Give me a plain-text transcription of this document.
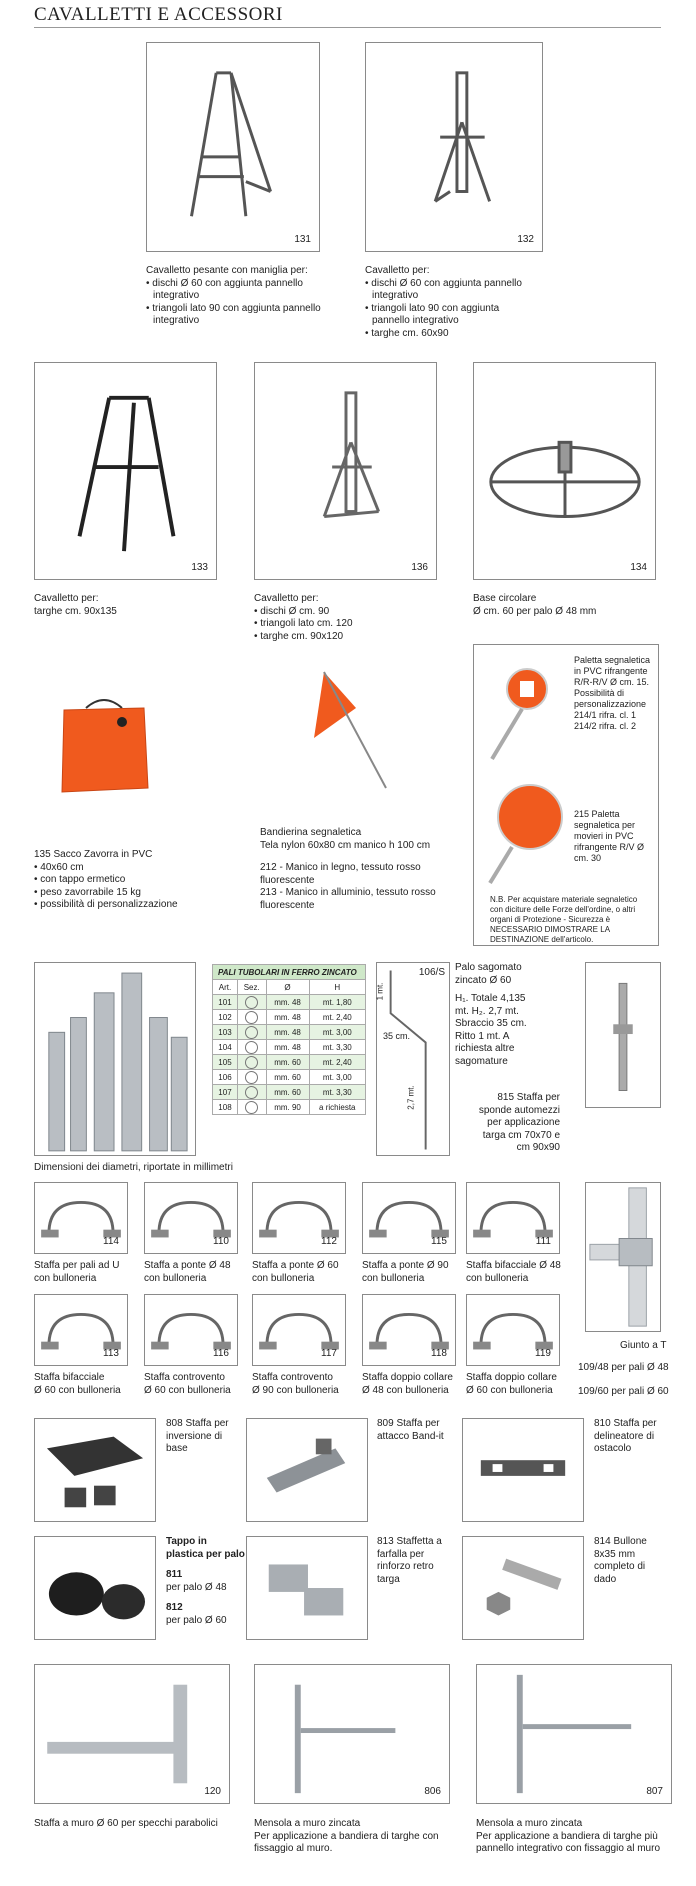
CAVALLETTI E ACCESSORI
131
Cavalletto pesante con maniglia per:
• dischi Ø 60 con aggiunta pannello integrativo
• triangoli lato 90 con aggiunta pannello integrativo
132
Cavalletto per:
• dischi Ø 60 con aggiunta pannello integrativo
• triangoli lato 90 con aggiunta pannello integrativo
• targhe cm. 60x90
133
Cavalletto per:
targhe cm. 90x135
136
Cavalletto per:
• dischi Ø cm. 90
• triangoli lato cm. 120
• targhe cm. 90x120
134
Base circolare
Ø cm. 60 per palo Ø 48 mm
135 Sacco Zavorra in PVC
• 40x60 cm
• con tappo ermetico
• peso zavorrabile 15 kg
• possibilità di personalizzazione
Bandierina segnaletica
Tela nylon 60x80 cm manico h 100 cm
212 - Manico in legno, tessuto rosso fluorescente
213 - Manico in alluminio, tessuto rosso fluorescente
Paletta segnaletica in PVC rifrangente R/R-R/V Ø cm. 15. Possibilità di personalizzazione 214/1 rifra. cl. 1 214/2 rifra. cl. 2
215 Paletta segnaletica per movieri in PVC rifrangente R/V Ø cm. 30
N.B. Per acquistare materiale segnaletico con diciture delle Forze dell'ordine, o altri organi di Protezione - Sicurezza è NECESSARIO DIMOSTRARE LA DESTINAZIONE dell'articolo.
PALI TUBOLARI IN FERRO ZINCATO			
Art.	Sez.	Ø	H
101		mm. 48	mt. 1,80
102		mm. 48	mt. 2,40
103		mm. 48	mt. 3,00
104		mm. 48	mt. 3,30
105		mm. 60	mt. 2,40
106		mm. 60	mt. 3,00
107		mm. 60	mt. 3,30
108		mm. 90	a richiesta
106/S
1 mt.
35 cm.
2,7 mt.
Palo sagomato zincato Ø 60
H₁. Totale 4,135 mt. H₂. 2,7 mt. Sbraccio 35 cm. Ritto 1 mt. A richiesta altre sagomature
815 Staffa per sponde automezzi per applicazione targa cm 70x70 e cm 90x90
Dimensioni dei diametri, riportate in millimetri
114
Staffa per pali ad U
con bulloneria
110
Staffa a ponte Ø 48
con bulloneria
112
Staffa a ponte Ø 60
con bulloneria
115
Staffa a ponte Ø 90
con bulloneria
111
Staffa bifacciale Ø 48
con bulloneria
113
Staffa bifacciale
Ø 60 con bulloneria
116
Staffa controvento
Ø 60 con bulloneria
117
Staffa controvento
Ø 90 con bulloneria
118
Staffa doppio collare
Ø 48 con bulloneria
119
Staffa doppio collare
Ø 60 con bulloneria
Giunto a T
109/48 per pali Ø 48
109/60 per pali Ø 60
808 Staffa per inversione di base
809 Staffa per attacco Band-it
810 Staffa per delineatore di ostacolo
Tappo in plastica per palo
811
per palo Ø 48
812
per palo Ø 60
813 Staffetta a farfalla per rinforzo retro targa
814 Bullone 8x35 mm completo di dado
120
Staffa a muro Ø 60 per specchi parabolici
806
Mensola a muro zincata
Per applicazione a bandiera di targhe con fissaggio al muro.
807
Mensola a muro zincata
Per applicazione a bandiera di targhe più pannello integrativo con fissaggio al muro
